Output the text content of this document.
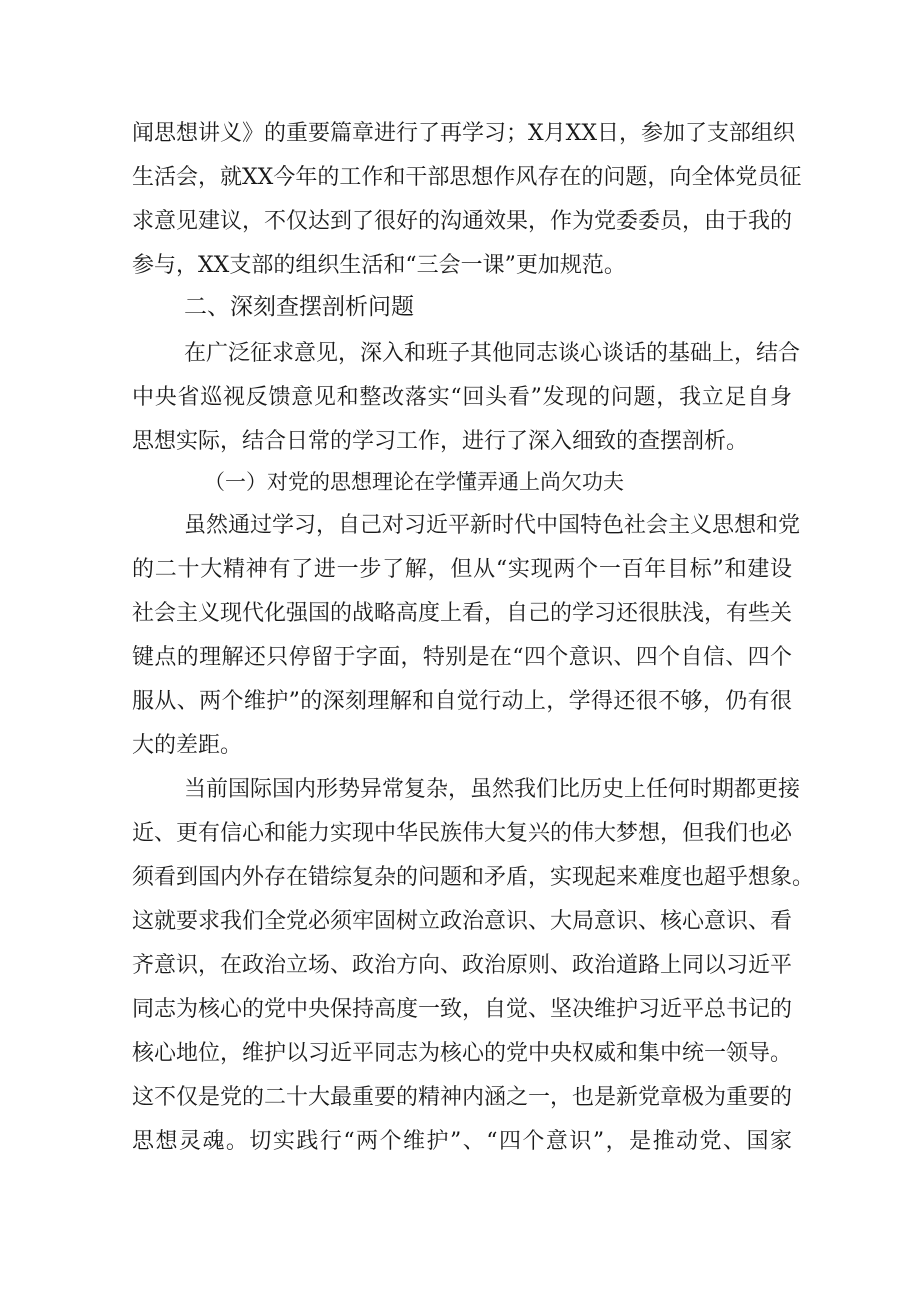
闻思想讲义》的重要篇章进行了再学习；X月XX日，参加了支部组织
生活会，就XX今年的工作和干部思想作风存在的问题，向全体党员征
求意见建议，不仅达到了很好的沟通效果，作为党委委员，由于我的
参与，XX支部的组织生活和“三会一课”更加规范。
二、深刻查摆剖析问题
在广泛征求意见，深入和班子其他同志谈心谈话的基础上，结合
中央省巡视反馈意见和整改落实“回头看”发现的问题，我立足自身
思想实际，结合日常的学习工作，进行了深入细致的查摆剖析。
（一）对党的思想理论在学懂弄通上尚欠功夫
虽然通过学习，自己对习近平新时代中国特色社会主义思想和党
的二十大精神有了进一步了解，但从“实现两个一百年目标”和建设
社会主义现代化强国的战略高度上看，自己的学习还很肤浅，有些关
键点的理解还只停留于字面，特别是在“四个意识、四个自信、四个
服从、两个维护”的深刻理解和自觉行动上，学得还很不够，仍有很
大的差距。
当前国际国内形势异常复杂，虽然我们比历史上任何时期都更接
近、更有信心和能力实现中华民族伟大复兴的伟大梦想，但我们也必
须看到国内外存在错综复杂的问题和矛盾，实现起来难度也超乎想象。
这就要求我们全党必须牢固树立政治意识、大局意识、核心意识、看
齐意识，在政治立场、政治方向、政治原则、政治道路上同以习近平
同志为核心的党中央保持高度一致，自觉、坚决维护习近平总书记的
核心地位，维护以习近平同志为核心的党中央权威和集中统一领导。
这不仅是党的二十大最重要的精神内涵之一，也是新党章极为重要的
思想灵魂。切实践行“两个维护”、“四个意识”，是推动党、国家
